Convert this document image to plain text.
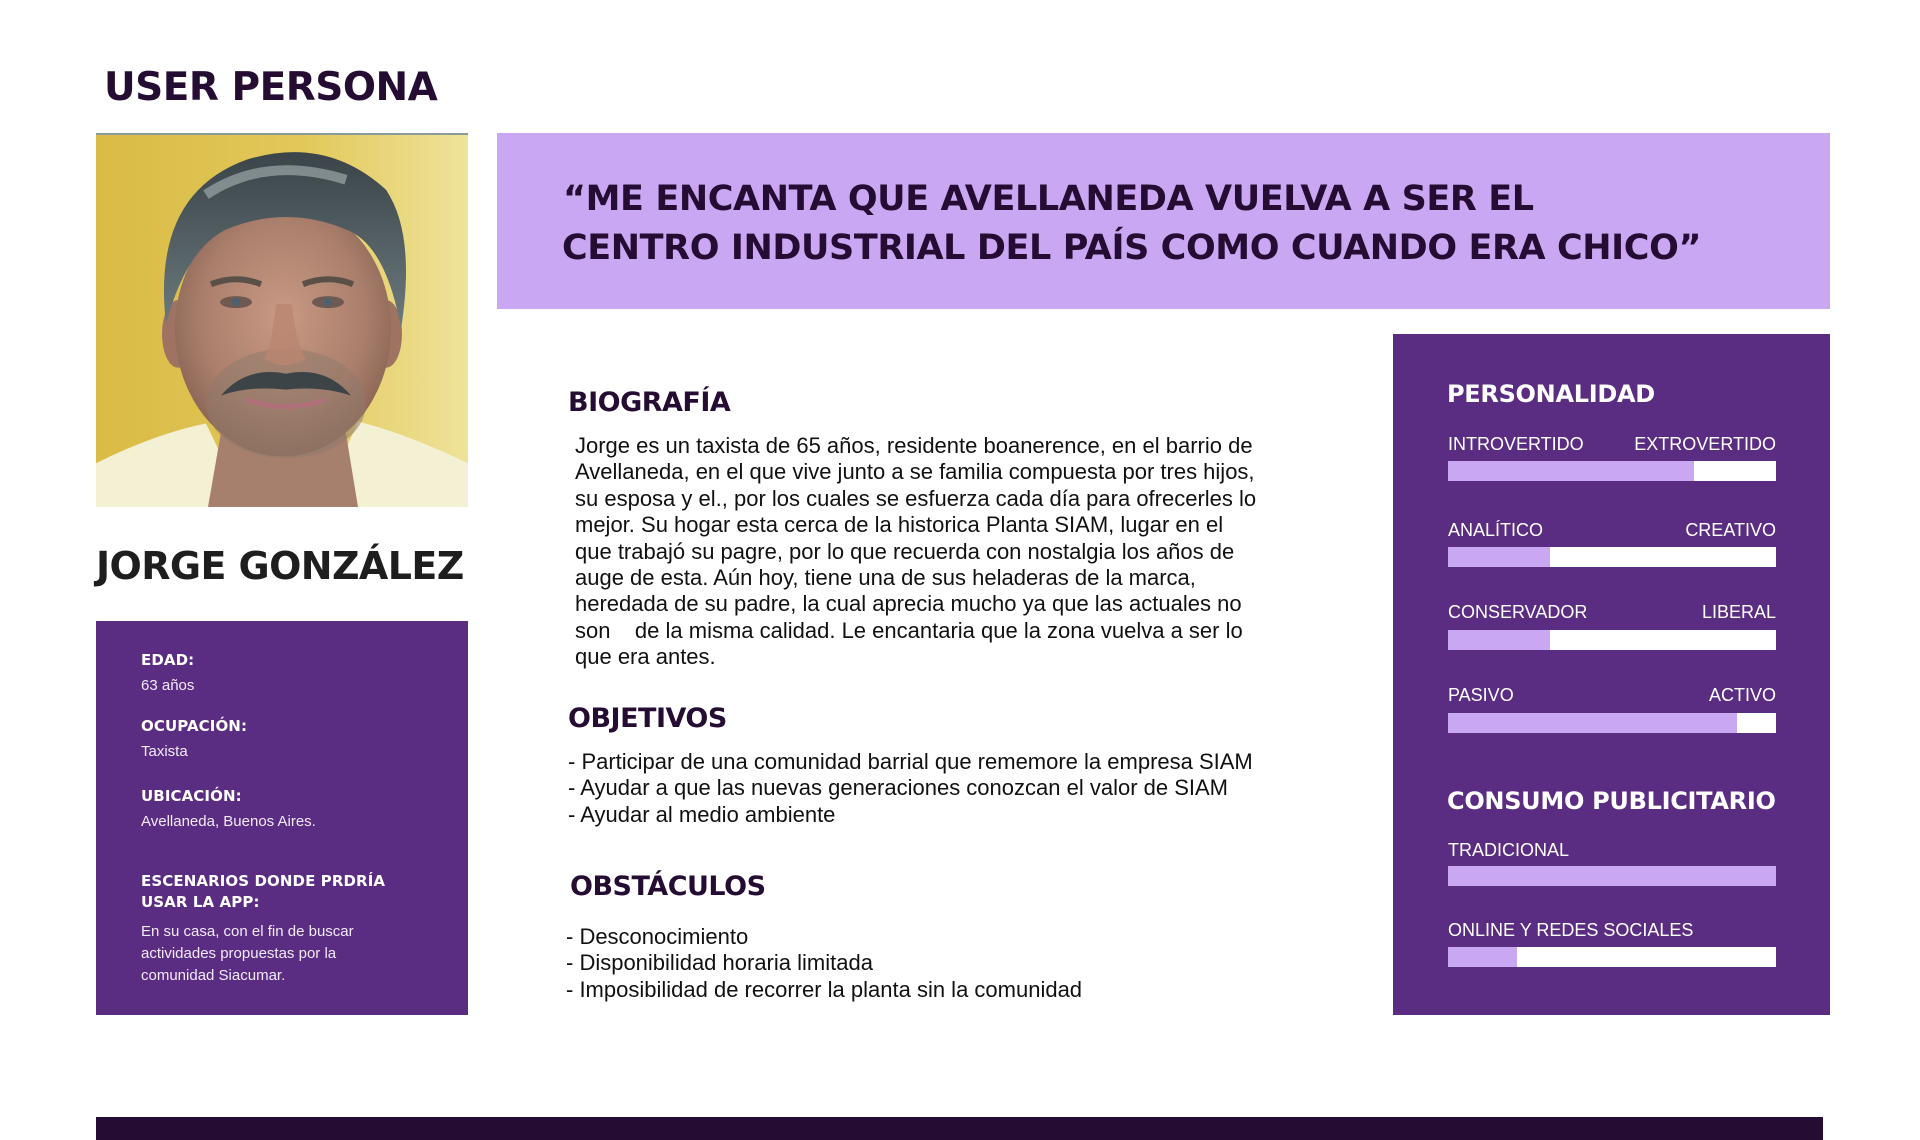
USER PERSONA
JORGE GONZÁLEZ
EDAD:
63 años
OCUPACIÓN:
Taxista
UBICACIÓN:
Avellaneda, Buenos Aires.
ESCENARIOS DONDE PRDRÍA
USAR LA APP:
En su casa, con el fin de buscar
actividades propuestas por la
comunidad Siacumar.
“ME ENCANTA QUE AVELLANEDA VUELVA A SER EL
CENTRO INDUSTRIAL DEL PAÍS COMO CUANDO ERA CHICO”
BIOGRAFÍA
Jorge es un taxista de 65 años, residente boanerence, en el barrio de
Avellaneda, en el que vive junto a se familia compuesta por tres hijos,
su esposa y el., por los cuales se esfuerza cada día para ofrecerles lo
mejor. Su hogar esta cerca de la historica Planta SIAM, lugar en el
que trabajó su pagre, por lo que recuerda con nostalgia los años de
auge de esta. Aún hoy, tiene una de sus heladeras de la marca,
heredada de su padre, la cual aprecia mucho ya que las actuales no
son    de la misma calidad. Le encantaria que la zona vuelva a ser lo
que era antes.
OBJETIVOS
- Participar de una comunidad barrial que rememore la empresa SIAM
- Ayudar a que las nuevas generaciones conozcan el valor de SIAM
- Ayudar al medio ambiente
OBSTÁCULOS
- Desconocimiento
- Disponibilidad horaria limitada
- Imposibilidad de recorrer la planta sin la comunidad
PERSONALIDAD
INTROVERTIDO	EXTROVERTIDO
ANALÍTICO	CREATIVO
CONSERVADOR	LIBERAL
PASIVO	ACTIVO
CONSUMO PUBLICITARIO
TRADICIONAL
ONLINE Y REDES SOCIALES
